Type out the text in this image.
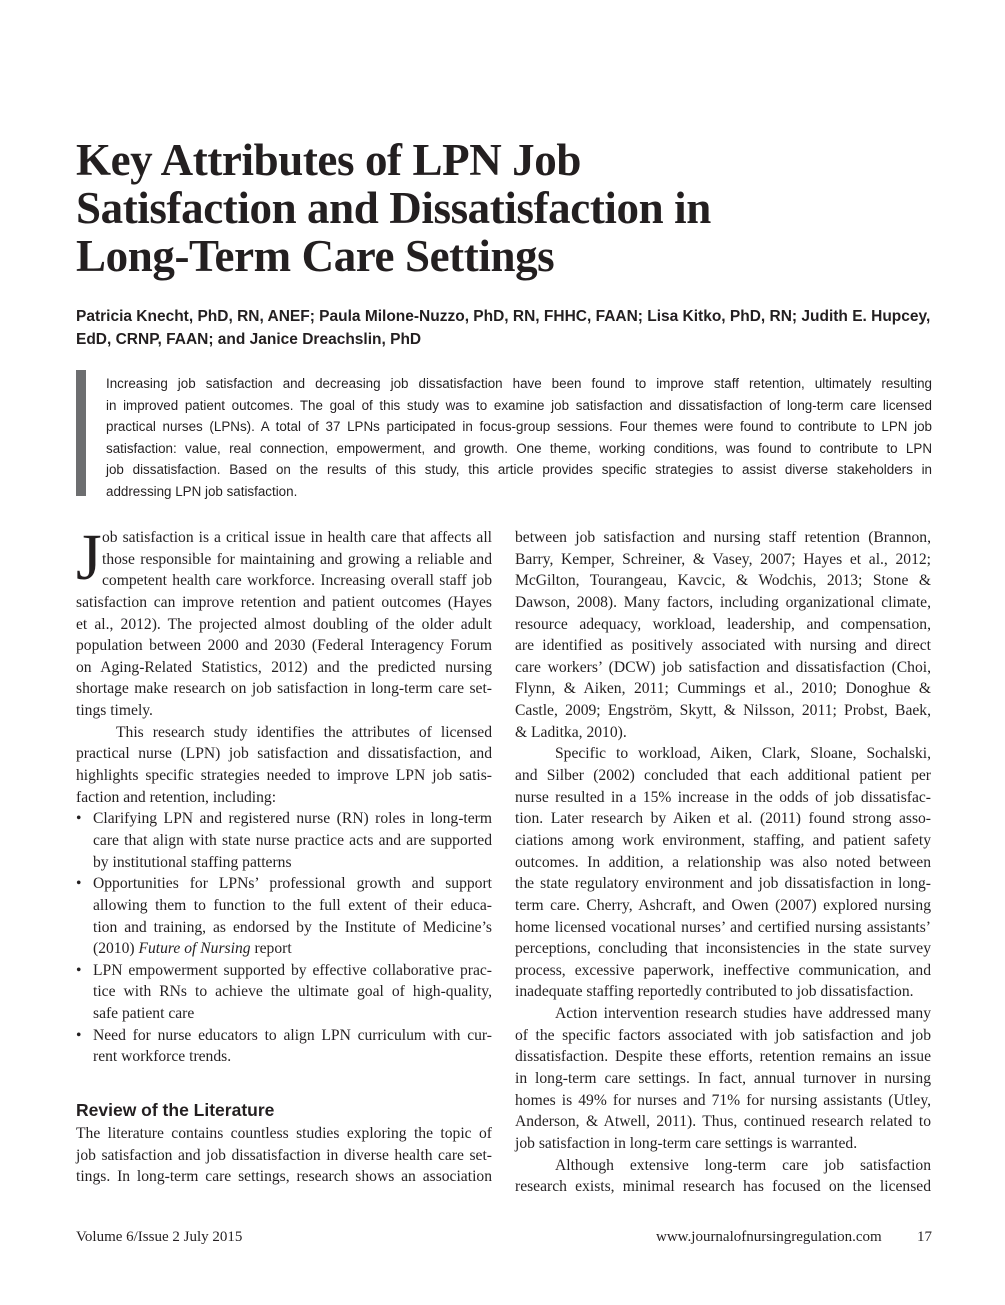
Key Attributes of LPN Job
Satisfaction and Dissatisfaction in
Long-Term Care Settings
Patricia Knecht, PhD, RN, ANEF; Paula Milone-Nuzzo, PhD, RN, FHHC, FAAN; Lisa Kitko, PhD, RN; Judith E. Hupcey,
EdD, CRNP, FAAN; and Janice Dreachslin, PhD
Increasing job satisfaction and decreasing job dissatisfaction have been found to improve staff retention, ultimately resulting
in improved patient outcomes. The goal of this study was to examine job satisfaction and dissatisfaction of long-term care licensed
practical nurses (LPNs). A total of 37 LPNs participated in focus-group sessions. Four themes were found to contribute to LPN job
satisfaction: value, real connection, empowerment, and growth. One theme, working conditions, was found to contribute to LPN
job dissatisfaction. Based on the results of this study, this article provides specific strategies to assist diverse stakeholders in
addressing LPN job satisfaction.
J ob satisfaction is a critical issue in health care that affects all
those responsible for maintaining and growing a reliable and
competent health care workforce. Increasing overall staff job
satisfaction can improve retention and patient outcomes (Hayes
et al., 2012). The projected almost doubling of the older adult
population between 2000 and 2030 (Federal Interagency Forum
on Aging-Related Statistics, 2012) and the predicted nursing
shortage make research on job satisfaction in long-term care set-
tings timely.
This research study identifies the attributes of licensed
practical nurse (LPN) job satisfaction and dissatisfaction, and
highlights specific strategies needed to improve LPN job satis-
faction and retention, including:
• Clarifying LPN and registered nurse (RN) roles in long-term
care that align with state nurse practice acts and are supported
by institutional staffing patterns
• Opportunities for LPNs’ professional growth and support
allowing them to function to the full extent of their educa-
tion and training, as endorsed by the Institute of Medicine’s
(2010) Future of Nursing report
• LPN empowerment supported by effective collaborative prac-
tice with RNs to achieve the ultimate goal of high-quality,
safe patient care
• Need for nurse educators to align LPN curriculum with cur-
rent workforce trends.
Review of the Literature
The literature contains countless studies exploring the topic of
job satisfaction and job dissatisfaction in diverse health care set-
tings. In long-term care settings, research shows an association
between job satisfaction and nursing staff retention (Brannon,
Barry, Kemper, Schreiner, & Vasey, 2007; Hayes et al., 2012;
McGilton, Tourangeau, Kavcic, & Wodchis, 2013; Stone &
Dawson, 2008). Many factors, including organizational climate,
resource adequacy, workload, leadership, and compensation,
are identified as positively associated with nursing and direct
care workers’ (DCW) job satisfaction and dissatisfaction (Choi,
Flynn, & Aiken, 2011; Cummings et al., 2010; Donoghue &
Castle, 2009; Engström, Skytt, & Nilsson, 2011; Probst, Baek,
& Laditka, 2010).
Specific to workload, Aiken, Clark, Sloane, Sochalski,
and Silber (2002) concluded that each additional patient per
nurse resulted in a 15% increase in the odds of job dissatisfac-
tion. Later research by Aiken et al. (2011) found strong asso-
ciations among work environment, staffing, and patient safety
outcomes. In addition, a relationship was also noted between
the state regulatory environment and job dissatisfaction in long-
term care. Cherry, Ashcraft, and Owen (2007) explored nursing
home licensed vocational nurses’ and certified nursing assistants’
perceptions, concluding that inconsistencies in the state survey
process, excessive paperwork, ineffective communication, and
inadequate staffing reportedly contributed to job dissatisfaction.
Action intervention research studies have addressed many
of the specific factors associated with job satisfaction and job
dissatisfaction. Despite these efforts, retention remains an issue
in long-term care settings. In fact, annual turnover in nursing
homes is 49% for nurses and 71% for nursing assistants (Utley,
Anderson, & Atwell, 2011). Thus, continued research related to
job satisfaction in long-term care settings is warranted.
Although extensive long-term care job satisfaction
research exists, minimal research has focused on the licensed
Volume 6/Issue 2 July 2015	www.journalofnursingregulation.com 17
